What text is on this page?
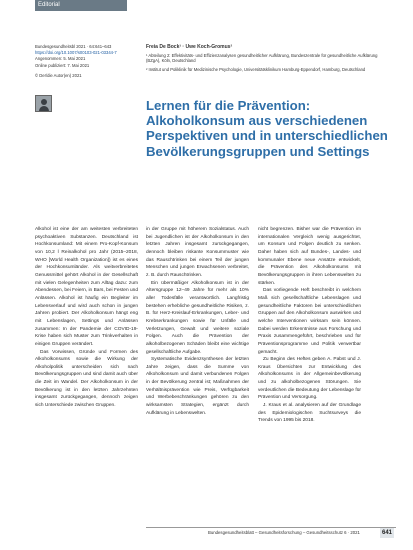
Editorial
Bundesgesundheitsbl 2021 · 64:641–643
https://doi.org/10.1007/s00103-021-03344-7
Angenommen: 5. Mai 2021
Online publiziert: 7. Mai 2021
© Der/die Autor(en) 2021
Freia De Bock¹ · Uwe Koch-Gromus²
¹ Abteilung 2: Effektivitäts- und Effizienzanalysen gesundheitlicher Aufklärung, Bundeszentrale für gesundheitliche Aufklärung (BZgA), Köln, Deutschland
² Institut und Poliklinik für Medizinische Psychologie, Universitätsklinikum Hamburg-Eppendorf, Hamburg, Deutschland
Lernen für die Prävention: Alkoholkonsum aus verschiedenen Perspektiven und in unterschiedlichen Bevölkerungsgruppen und Settings

Alkohol ist eine der am weitesten verbreiteten psychoaktiven Substanzen. Deutschland ist Hochkonsumland: Mit einem Pro-Kopf-Konsum von 10,2 l Reinalkohol pro Jahr (2015–2018, WHO [World Health Organization]) ist es eines der Hochkonsumländer. Als weitverbreitetes Genussmittel gehört Alkohol in der Gesellschaft mit vielen Gelegenheiten zum Alltag dazu: zum Abendessen, bei Feiern, in Bars, bei Festen und Anlässen. Alkohol ist häufig ein Begleiter im Lebensverlauf und wird auch schon in jungen Jahren probiert. Der Alkoholkonsum hängt eng mit Lebenslagen, Settings und Anlässen zusammen: In der Pandemie der COVID-19-Krise haben sich Muster zum Trinkverhalten in einigen Gruppen verändert.

Das Vorwissen, Gründe und Formen des Alkoholkonsums sowie die Wirkung der Alkoholpolitik unterscheiden sich nach Bevölkerungsgruppen und sind damit auch über die Zeit im Wandel. Der Alkoholkonsum in der Bevölkerung ist in den letzten Jahrzehnten insgesamt zurückgegangen, dennoch zeigen sich Unterschiede zwischen Gruppen.

in der Gruppe mit höherem Sozialstatus. Auch bei Jugendlichen ist der Alkoholkonsum in den letzten Jahren insgesamt zurückgegangen, dennoch bleiben riskante Konsummuster wie das Rauschtrinken bei einem Teil der jungen Menschen und jungen Erwachsenen verbreitet, z. B. durch Rauschtrinken.

Ein übermäßiger Alkoholkonsum ist in der Altersgruppe 12–49 Jahre für mehr als 10% aller Todesfälle verantwortlich. Langfristig bestehen erhebliche gesundheitliche Risiken, z. B. für Herz-Kreislauf-Erkrankungen, Leber- und Krebserkrankungen sowie für Unfälle und Verletzungen, Gewalt und weitere soziale Folgen. Auch die Prävention der alkoholbezogenen Schäden bleibt eine wichtige gesellschaftliche Aufgabe.

Systematische Evidenzsynthesen der letzten Jahre zeigen, dass die Summe von Alkoholkonsum und damit verbundenen Folgen in der Bevölkerung zentral ist; Maßnahmen der Verhältnisprävention wie Preis, Verfügbarkeit und Werbebeschränkungen gehören zu den wirksamsten Strategien, ergänzt durch Aufklärung in Lebenswelten.

nicht begrenzen. Bisher war die Prävention im internationalen Vergleich wenig ausgerichtet, um Konsum und Folgen deutlich zu senken. Daher haben sich auf Bundes-, Landes- und kommunaler Ebene neue Ansätze entwickelt, die Prävention des Alkoholkonsums mit Bevölkerungsgruppen in ihren Lebenswelten zu stärken.

Das vorliegende Heft beschreibt in welchem Maß sich gesellschaftliche Lebenslagen und gesundheitliche Faktoren bei unterschiedlichen Gruppen auf den Alkoholkonsum auswirken und welche Interventionen wirksam sein können. Dabei werden Erkenntnisse aus Forschung und Praxis zusammengeführt, beschrieben und für Präventionsprogramme und Politik verwertbar gemacht.

Zu Beginn des Heftes geben A. Pabst und J. Kraus Übersichten zur Entwicklung des Alkoholkonsums in der Allgemeinbevölkerung und zu alkoholbezogenen Störungen. Sie verdeutlichen die Bedeutung der Lebenslage für Prävention und Versorgung.

J. Kraus et al. analysieren auf der Grundlage des Epidemiologischen Suchtsurveys die Trends von 1995 bis 2018.

Bundesgesundheitsblatt – Gesundheitsforschung – Gesundheitsschutz 6 · 2021	641
